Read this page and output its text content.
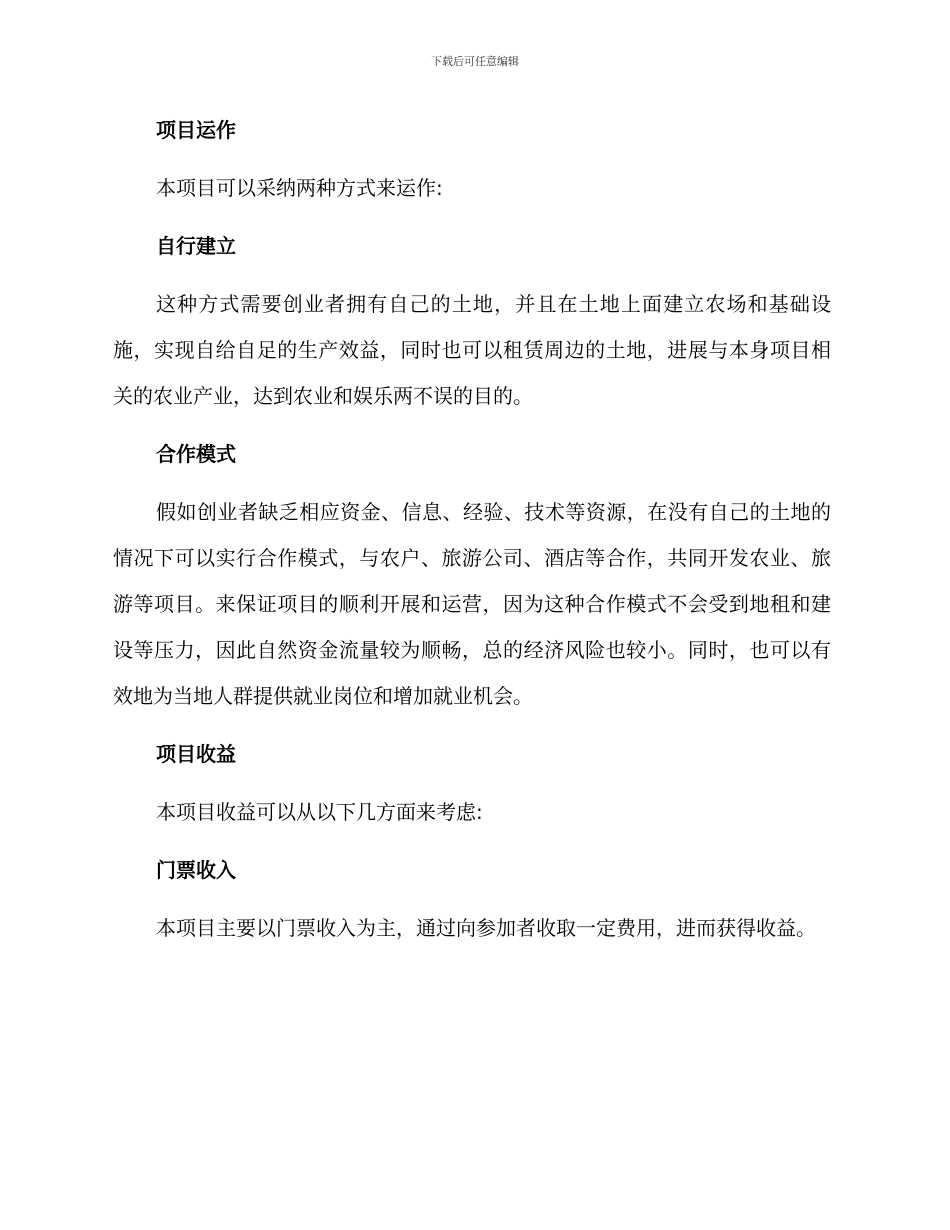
下载后可任意编辑
项目运作

本项目可以采纳两种方式来运作:

自行建立

这种方式需要创业者拥有自己的土地，并且在土地上面建立农场和基础设施，实现自给自足的生产效益，同时也可以租赁周边的土地，进展与本身项目相关的农业产业，达到农业和娱乐两不误的目的。

合作模式

假如创业者缺乏相应资金、信息、经验、技术等资源，在没有自己的土地的情况下可以实行合作模式，与农户、旅游公司、酒店等合作，共同开发农业、旅游等项目。来保证项目的顺利开展和运营，因为这种合作模式不会受到地租和建设等压力，因此自然资金流量较为顺畅，总的经济风险也较小。同时，也可以有效地为当地人群提供就业岗位和增加就业机会。

项目收益

本项目收益可以从以下几方面来考虑:

门票收入

本项目主要以门票收入为主，通过向参加者收取一定费用，进而获得收益。
